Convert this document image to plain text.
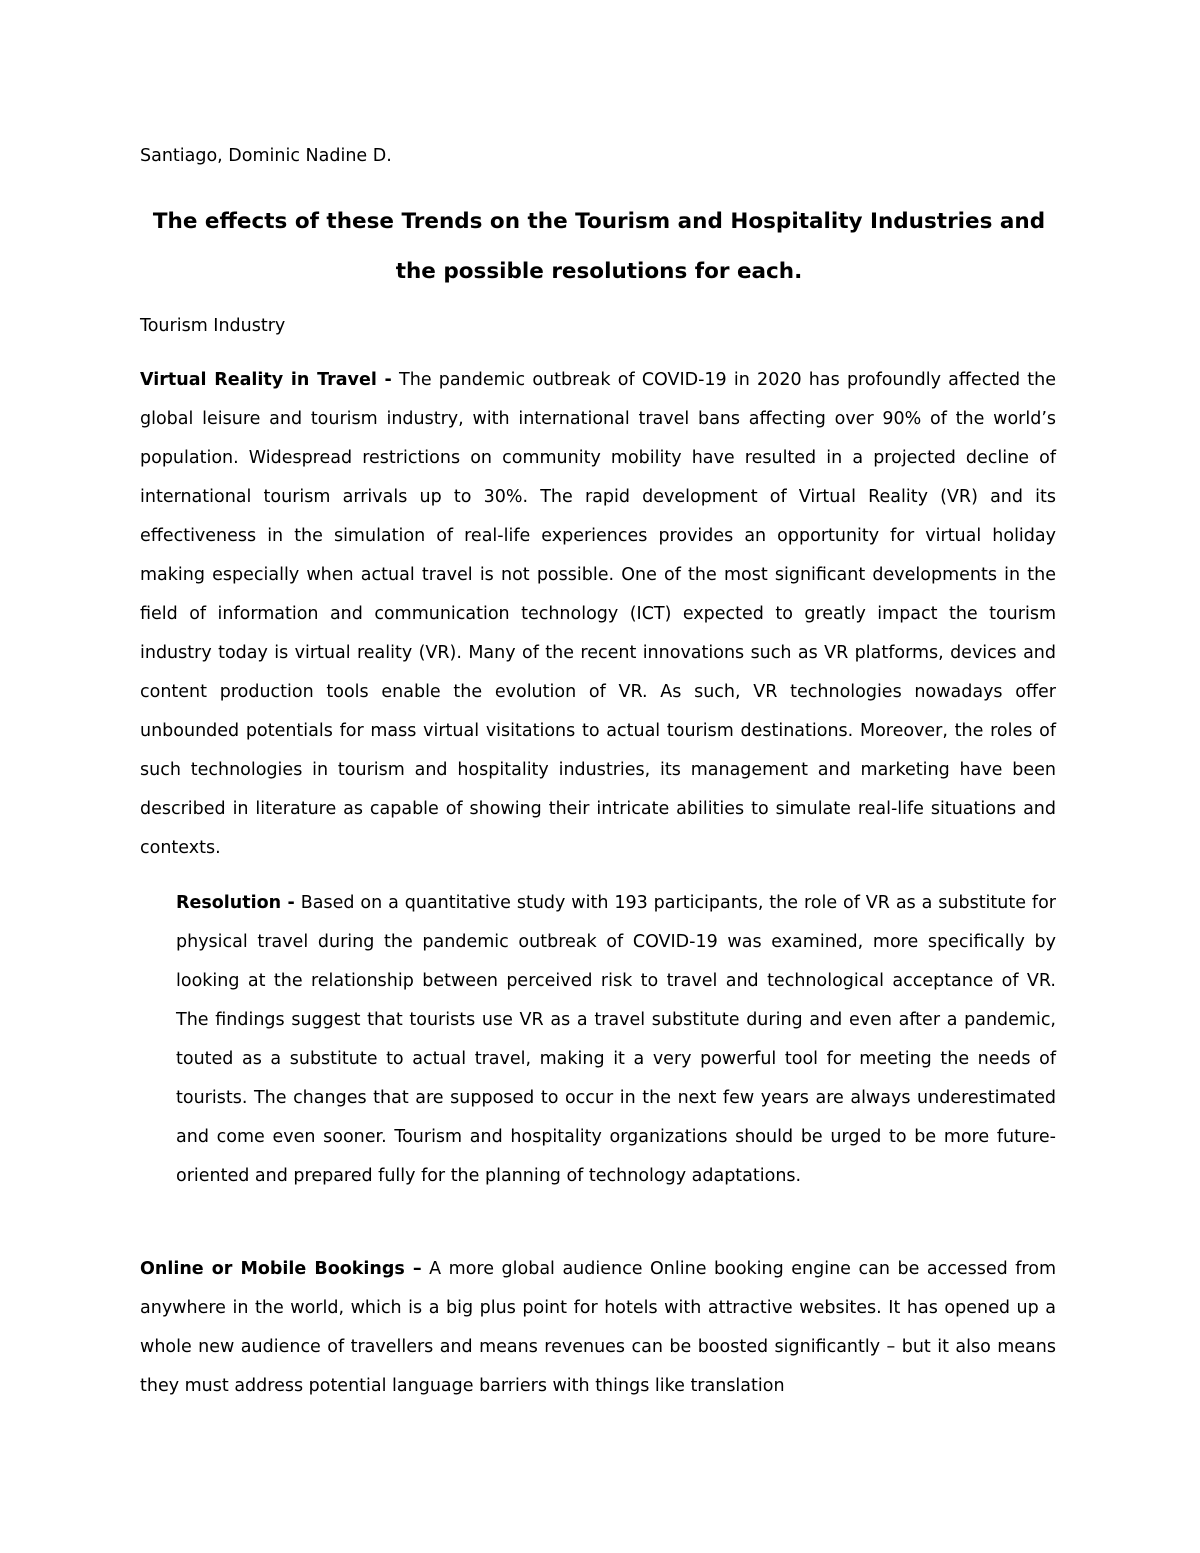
Santiago, Dominic Nadine D.

The effects of these Trends on the Tourism and Hospitality Industries and the possible resolutions for each.

Tourism Industry

Virtual Reality in Travel - The pandemic outbreak of COVID-19 in 2020 has profoundly affected the global leisure and tourism industry, with international travel bans affecting over 90% of the world’s population. Widespread restrictions on community mobility have resulted in a projected decline of international tourism arrivals up to 30%. The rapid development of Virtual Reality (VR) and its effectiveness in the simulation of real-life experiences provides an opportunity for virtual holiday making especially when actual travel is not possible. One of the most significant developments in the field of information and communication technology (ICT) expected to greatly impact the tourism industry today is virtual reality (VR). Many of the recent innovations such as VR platforms, devices and content production tools enable the evolution of VR. As such, VR technologies nowadays offer unbounded potentials for mass virtual visitations to actual tourism destinations. Moreover, the roles of such technologies in tourism and hospitality industries, its management and marketing have been described in literature as capable of showing their intricate abilities to simulate real-life situations and contexts.

Resolution - Based on a quantitative study with 193 participants, the role of VR as a substitute for physical travel during the pandemic outbreak of COVID-19 was examined, more specifically by looking at the relationship between perceived risk to travel and technological acceptance of VR. The findings suggest that tourists use VR as a travel substitute during and even after a pandemic, touted as a substitute to actual travel, making it a very powerful tool for meeting the needs of tourists. The changes that are supposed to occur in the next few years are always underestimated and come even sooner. Tourism and hospitality organizations should be urged to be more future-oriented and prepared fully for the planning of technology adaptations.

Online or Mobile Bookings – A more global audience Online booking engine can be accessed from anywhere in the world, which is a big plus point for hotels with attractive websites. It has opened up a whole new audience of travellers and means revenues can be boosted significantly – but it also means they must address potential language barriers with things like translation
